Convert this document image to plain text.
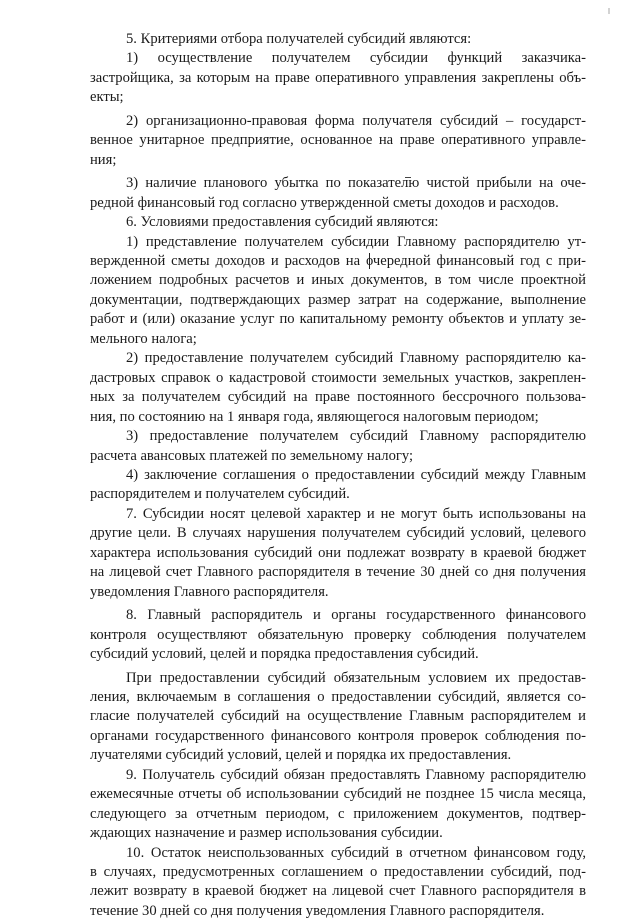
5. Критериями отбора получателей субсидий являются:

1) осуществление получателем субсидии функций заказчика-
застройщика, за которым на праве оперативного управления закреплены объ-
екты;

2) организационно-правовая форма получателя субсидий – государст-
венное унитарное предприятие, основанное на праве оперативного управле-
ния;

3) наличие планового убытка по показателю чистой прибыли на оче-
редной финансовый год согласно утвержденной сметы доходов и расходов.

6. Условиями предоставления субсидий являются:

1) представление получателем субсидии Главному распорядителю ут-
вержденной сметы доходов и расходов на очередной финансовый год с при-
ложением подробных расчетов и иных документов, в том числе проектной
документации, подтверждающих размер затрат на содержание, выполнение
работ и (или) оказание услуг по капитальному ремонту объектов и уплату зе-
мельного налога;

2) предоставление получателем субсидий Главному распорядителю ка-
дастровых справок о кадастровой стоимости земельных участков, закреплен-
ных за получателем субсидий на праве постоянного бессрочного пользова-
ния, по состоянию на 1 января года, являющегося налоговым периодом;

3) предоставление получателем субсидий Главному распорядителю
расчета авансовых платежей по земельному налогу;

4) заключение соглашения о предоставлении субсидий между Главным
распорядителем и получателем субсидий.

7. Субсидии носят целевой характер и не могут быть использованы на
другие цели. В случаях нарушения получателем субсидий условий, целевого
характера использования субсидий они подлежат возврату в краевой бюджет
на лицевой счет Главного распорядителя в течение 30 дней со дня получения
уведомления Главного распорядителя.

8. Главный распорядитель и органы государственного финансового
контроля осуществляют обязательную проверку соблюдения получателем
субсидий условий, целей и порядка предоставления субсидий.

При предоставлении субсидий обязательным условием их предостав-
ления, включаемым в соглашения о предоставлении субсидий, является со-
гласие получателей субсидий на осуществление Главным распорядителем и
органами государственного финансового контроля проверок соблюдения по-
лучателями субсидий условий, целей и порядка их предоставления.

9. Получатель субсидий обязан предоставлять Главному распорядителю
ежемесячные отчеты об использовании субсидий не позднее 15 числа месяца,
следующего за отчетным периодом, с приложением документов, подтвер-
ждающих назначение и размер использования субсидии.

10. Остаток неиспользованных субсидий в отчетном финансовом году,
в случаях, предусмотренных соглашением о предоставлении субсидий, под-
лежит возврату в краевой бюджет на лицевой счет Главного распорядителя в
течение 30 дней со дня получения уведомления Главного распорядителя.
